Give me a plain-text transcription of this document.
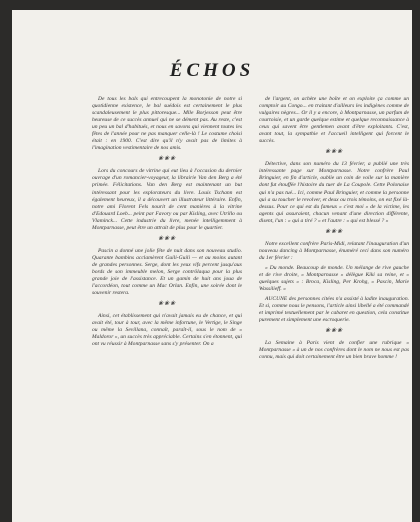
ÉCHOS
De tous les bals qui entrecoupent la monotonie de notre si quotidienne existence, le bal suédois est certainement le plus scandaleusement le plus pittoresque... Mlle Borjesson peut être heureuse de ce succès annuel qui ne se dément pas. Au reste, c'est un peu un bal d'habitués, et nous en savons qui viennent toutes les fêtes de l'année pour ne pas manquer celle-là ! Le costume choisi était : en 1900. C'est dire qu'il n'y avait pas de limites à l'imagination vestimentaire de nos amis.
❀❀❀
Lors du concours de vitrine qui eut lieu à l'occasion du dernier ouvrage d'un romancier-voyageur, la librairie Van den Berg a été primée. Félicitations. Van den Berg est maintenant un but intéressant pour les explorateurs du livre. Louis Tschann est également heureux, il a découvert un illustrateur littéraire. Enfin, notre ami Florent Fels nourit de cent manières à la vitrine d'Edouard Loeb... peint par Favory ou par Kisling, avec Utrillo ou Vlaminck... Cette industrie du livre, menée intelligemment à Montparnasse, peut être un attrait de plus pour le quartier.
❀❀❀
Pascin a donné une jolie fête de nuit dans son nouveau studio. Quarante bambins acclamèrent Guili-Guili — et au moins autant de grandes personnes. Serge, dont les yeux vifs percent jusqu'aux bords de son immeuble melon, Serge contrôlaqua pour la plus grande joie de l'assistance. Et un gamin de huit ans joua de l'accordéon, tout comme un Mac Orlan. Enfin, une soirée dont le souvenir restera.
❀❀❀
Ainsi, cet établissement qui n'avait jamais eu de chance, et qui avait été, tour à tour, avec la même infortune, le Vertige, le Singe ou même la Sevillana, connaît, paraît-il, sous le nom de « Maldoror », un succès très appréciable. Certains s'en étonnent, qui ont vu réussir à Montparnasse sans s'y présenter. On a
de l'argent, on achète une boîte et on exploite ça comme un comptoir au Congo... en traitant d'ailleurs les indigènes comme de vulgaires nègres... Or il y a encore, à Montparnasse, un parfum de courtoisie, et un garde quelque estime et quelque reconnaissance à ceux qui savent être gentlemen avant d'être exploitants. C'est, avant tout, la sympathie et l'accueil intelligent qui forcent le succès.
❀❀❀
Détective, dans son numéro du 13 février, a publié une très intéressante page sur Montparnasse. Notre confrère Paul Bringuier, en fin d'article, oublie un coin de voile sur la manière dont fut étouffée l'histoire du tuer de La Coupole. Cette Polonaise qui n'a pas tué... Ici, comme Paul Bringuier, et comme la personne qui a su toucher le revolver, et deux ou trois témoins, on est fixé là-dessus. Pour ce qui est du fameux « c'est moi » de la victime, les agents qui assuraient, chacun venant d'une direction différente, disent, l'un : « qui a tiré ? » et l'autre : « qui est blessé ? »
❀❀❀
Notre excellent confrère Paris-Midi, relatant l'inauguration d'un nouveau dancing à Montparnasse, énuméré ceci dans son numéro du 1er février :
« Du monde. Beaucoup de monde. Un mélange de rive gauche et de rive droite, « Montparnasse » délègue Kiki sa reine, et « quelques sujets » : Broca, Kisling, Per Krohg, « Pascin, Marie Wassilieff. »
AUCUNE des personnes citées n'a assisté à ladite inauguration. Et si, comme nous le pensons, l'article ainsi libellé a été commandé et imprimé textuellement par le cabaret en question, cela constitue purement et simplement une escroquerie.
❀❀❀
La Semaine à Paris vient de confier une rubrique « Montparnasse » à un de nos confrères dont le nom ne nous est pas connu, mais qui doit certainement être un bien brave homme !
